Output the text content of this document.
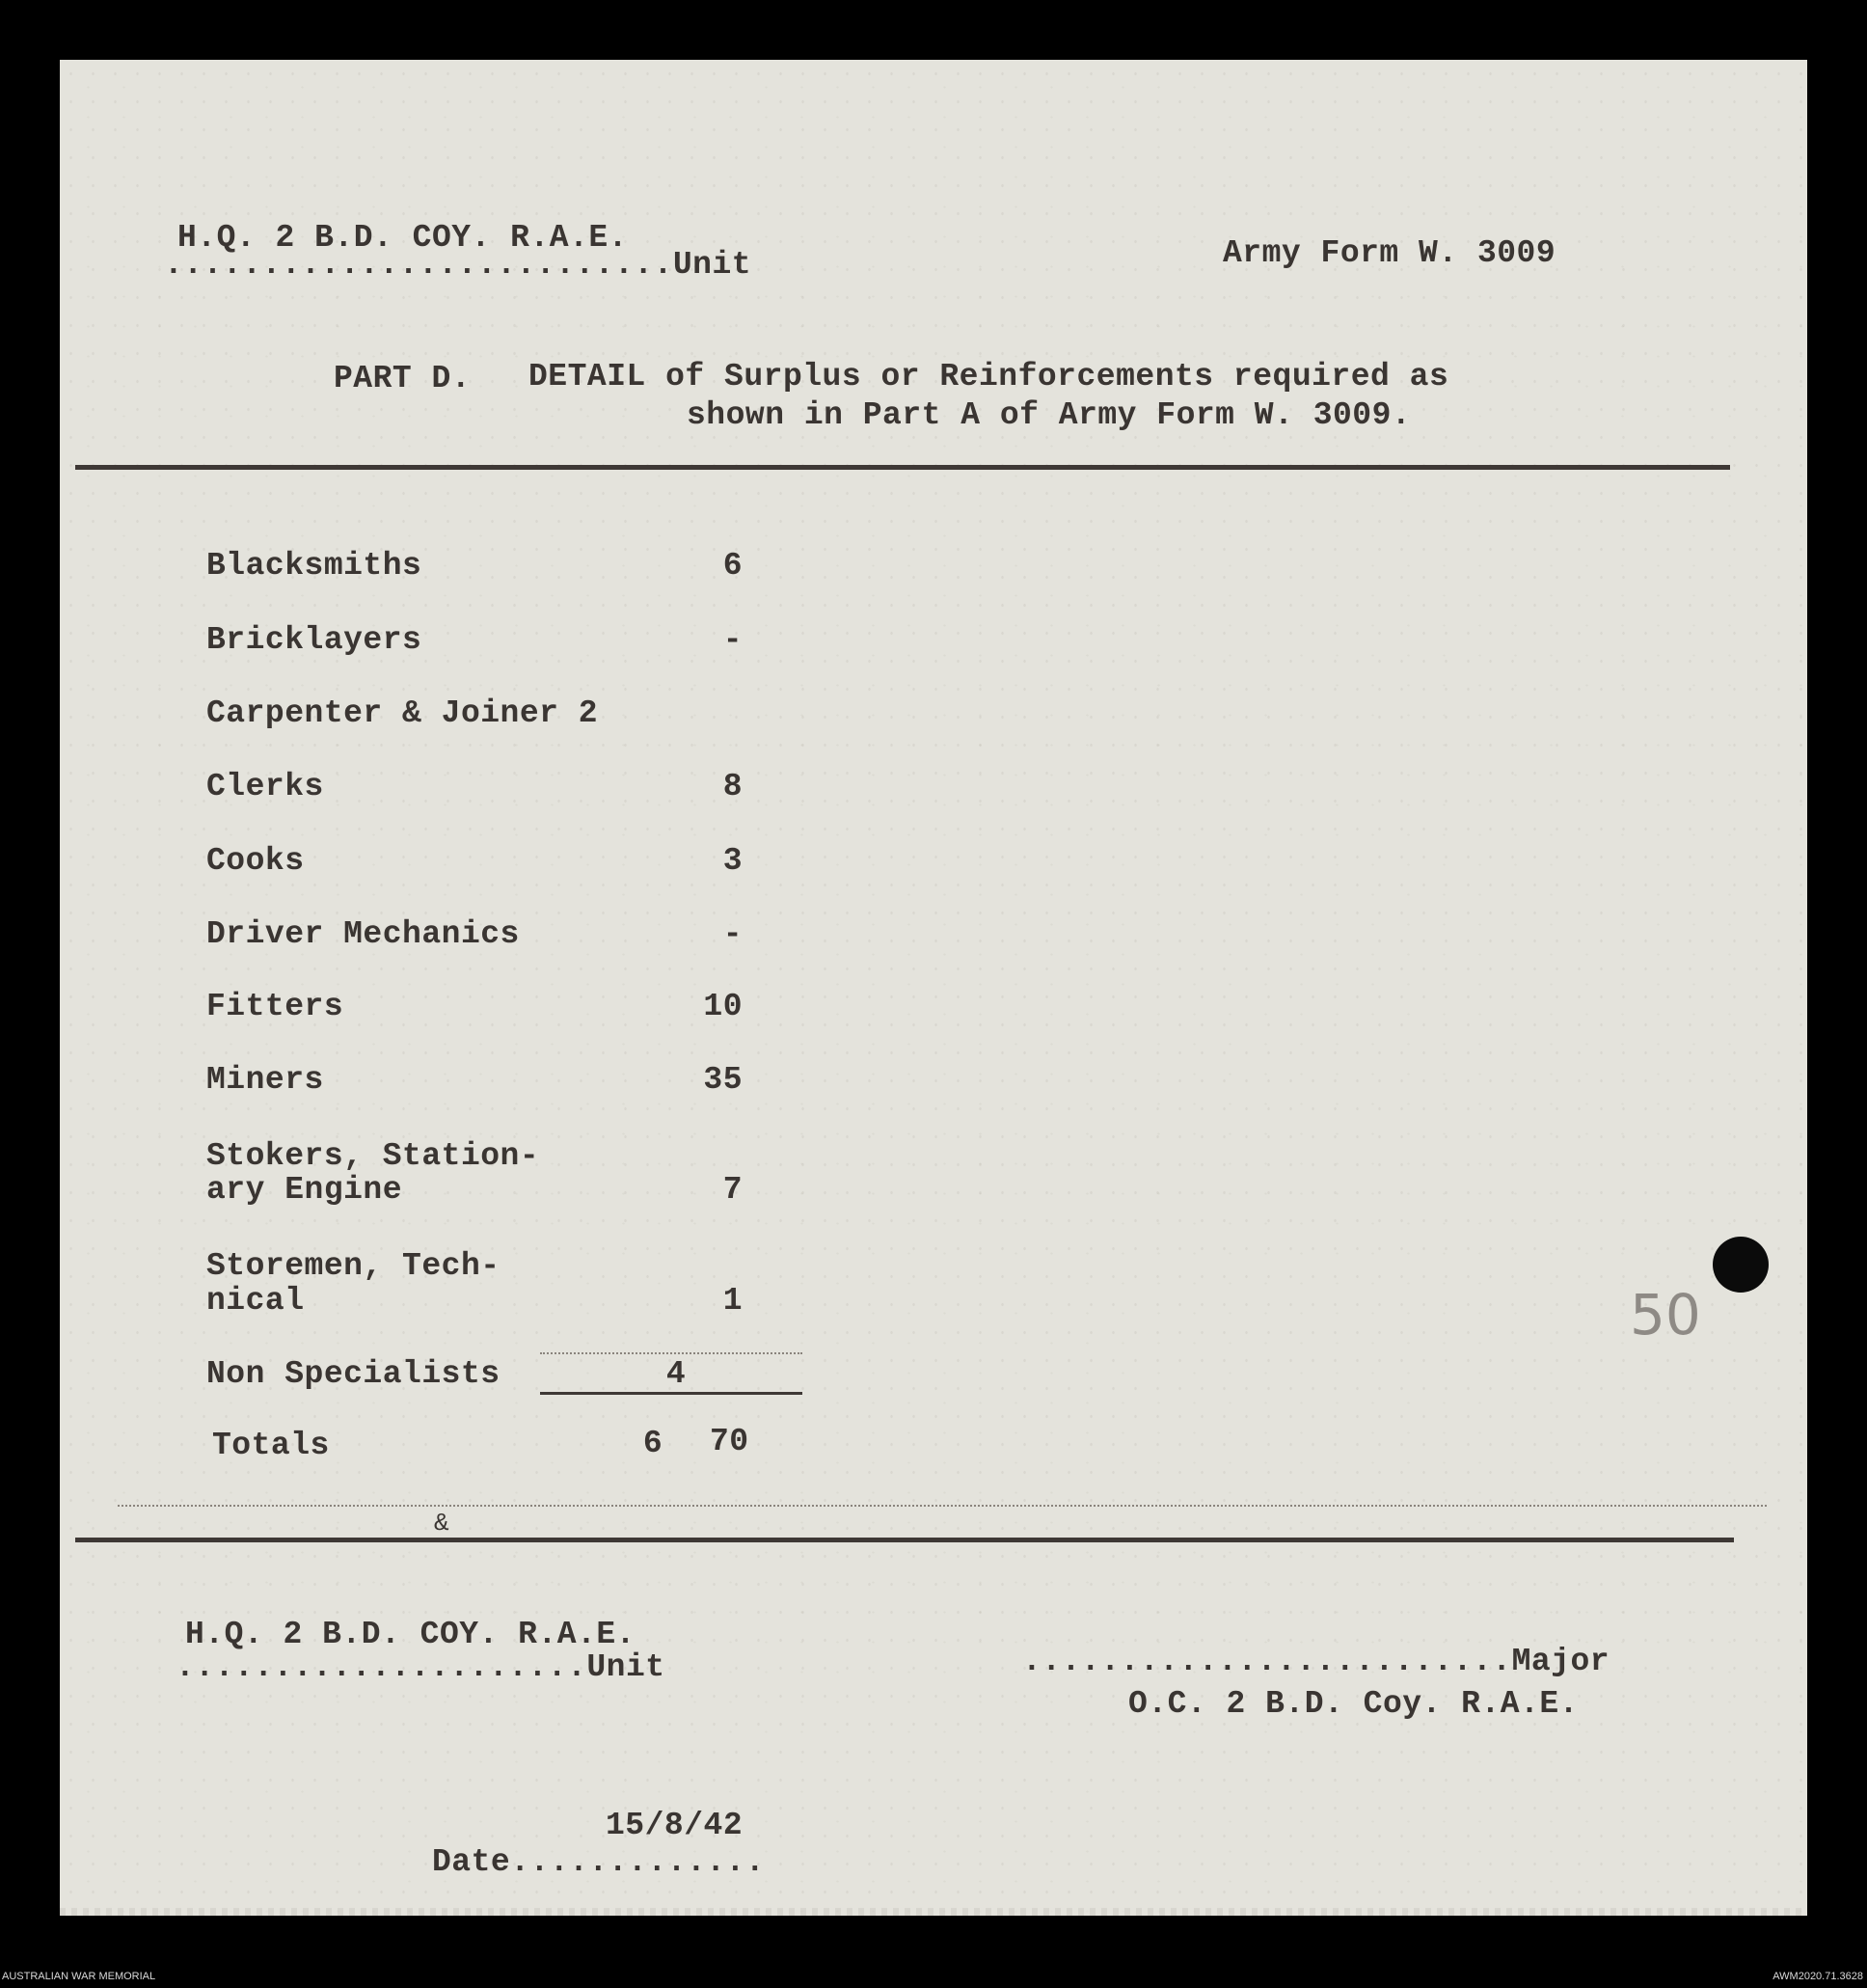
H.Q. 2 B.D. COY. R.A.E.
..........................Unit	Army Form W. 3009
PART D. DETAIL of Surplus or Reinforcements required as
shown in Part A of Army Form W. 3009.
Blacksmiths	6
Bricklayers	-
Carpenter & Joiner 2
Clerks	8
Cooks	3
Driver Mechanics	-
Fitters	10
Miners	35
Stokers, Station-
ary Engine	7
Storemen, Tech-
nical	1
Non Specialists	4
Totals	6	70
&
H.Q. 2 B.D. COY. R.A.E.
.....................Unit	.........................Major
O.C. 2 B.D. Coy. R.A.E.
15/8/42
Date.............
50
AUSTRALIAN WAR MEMORIAL	AWM2020.71.3628
